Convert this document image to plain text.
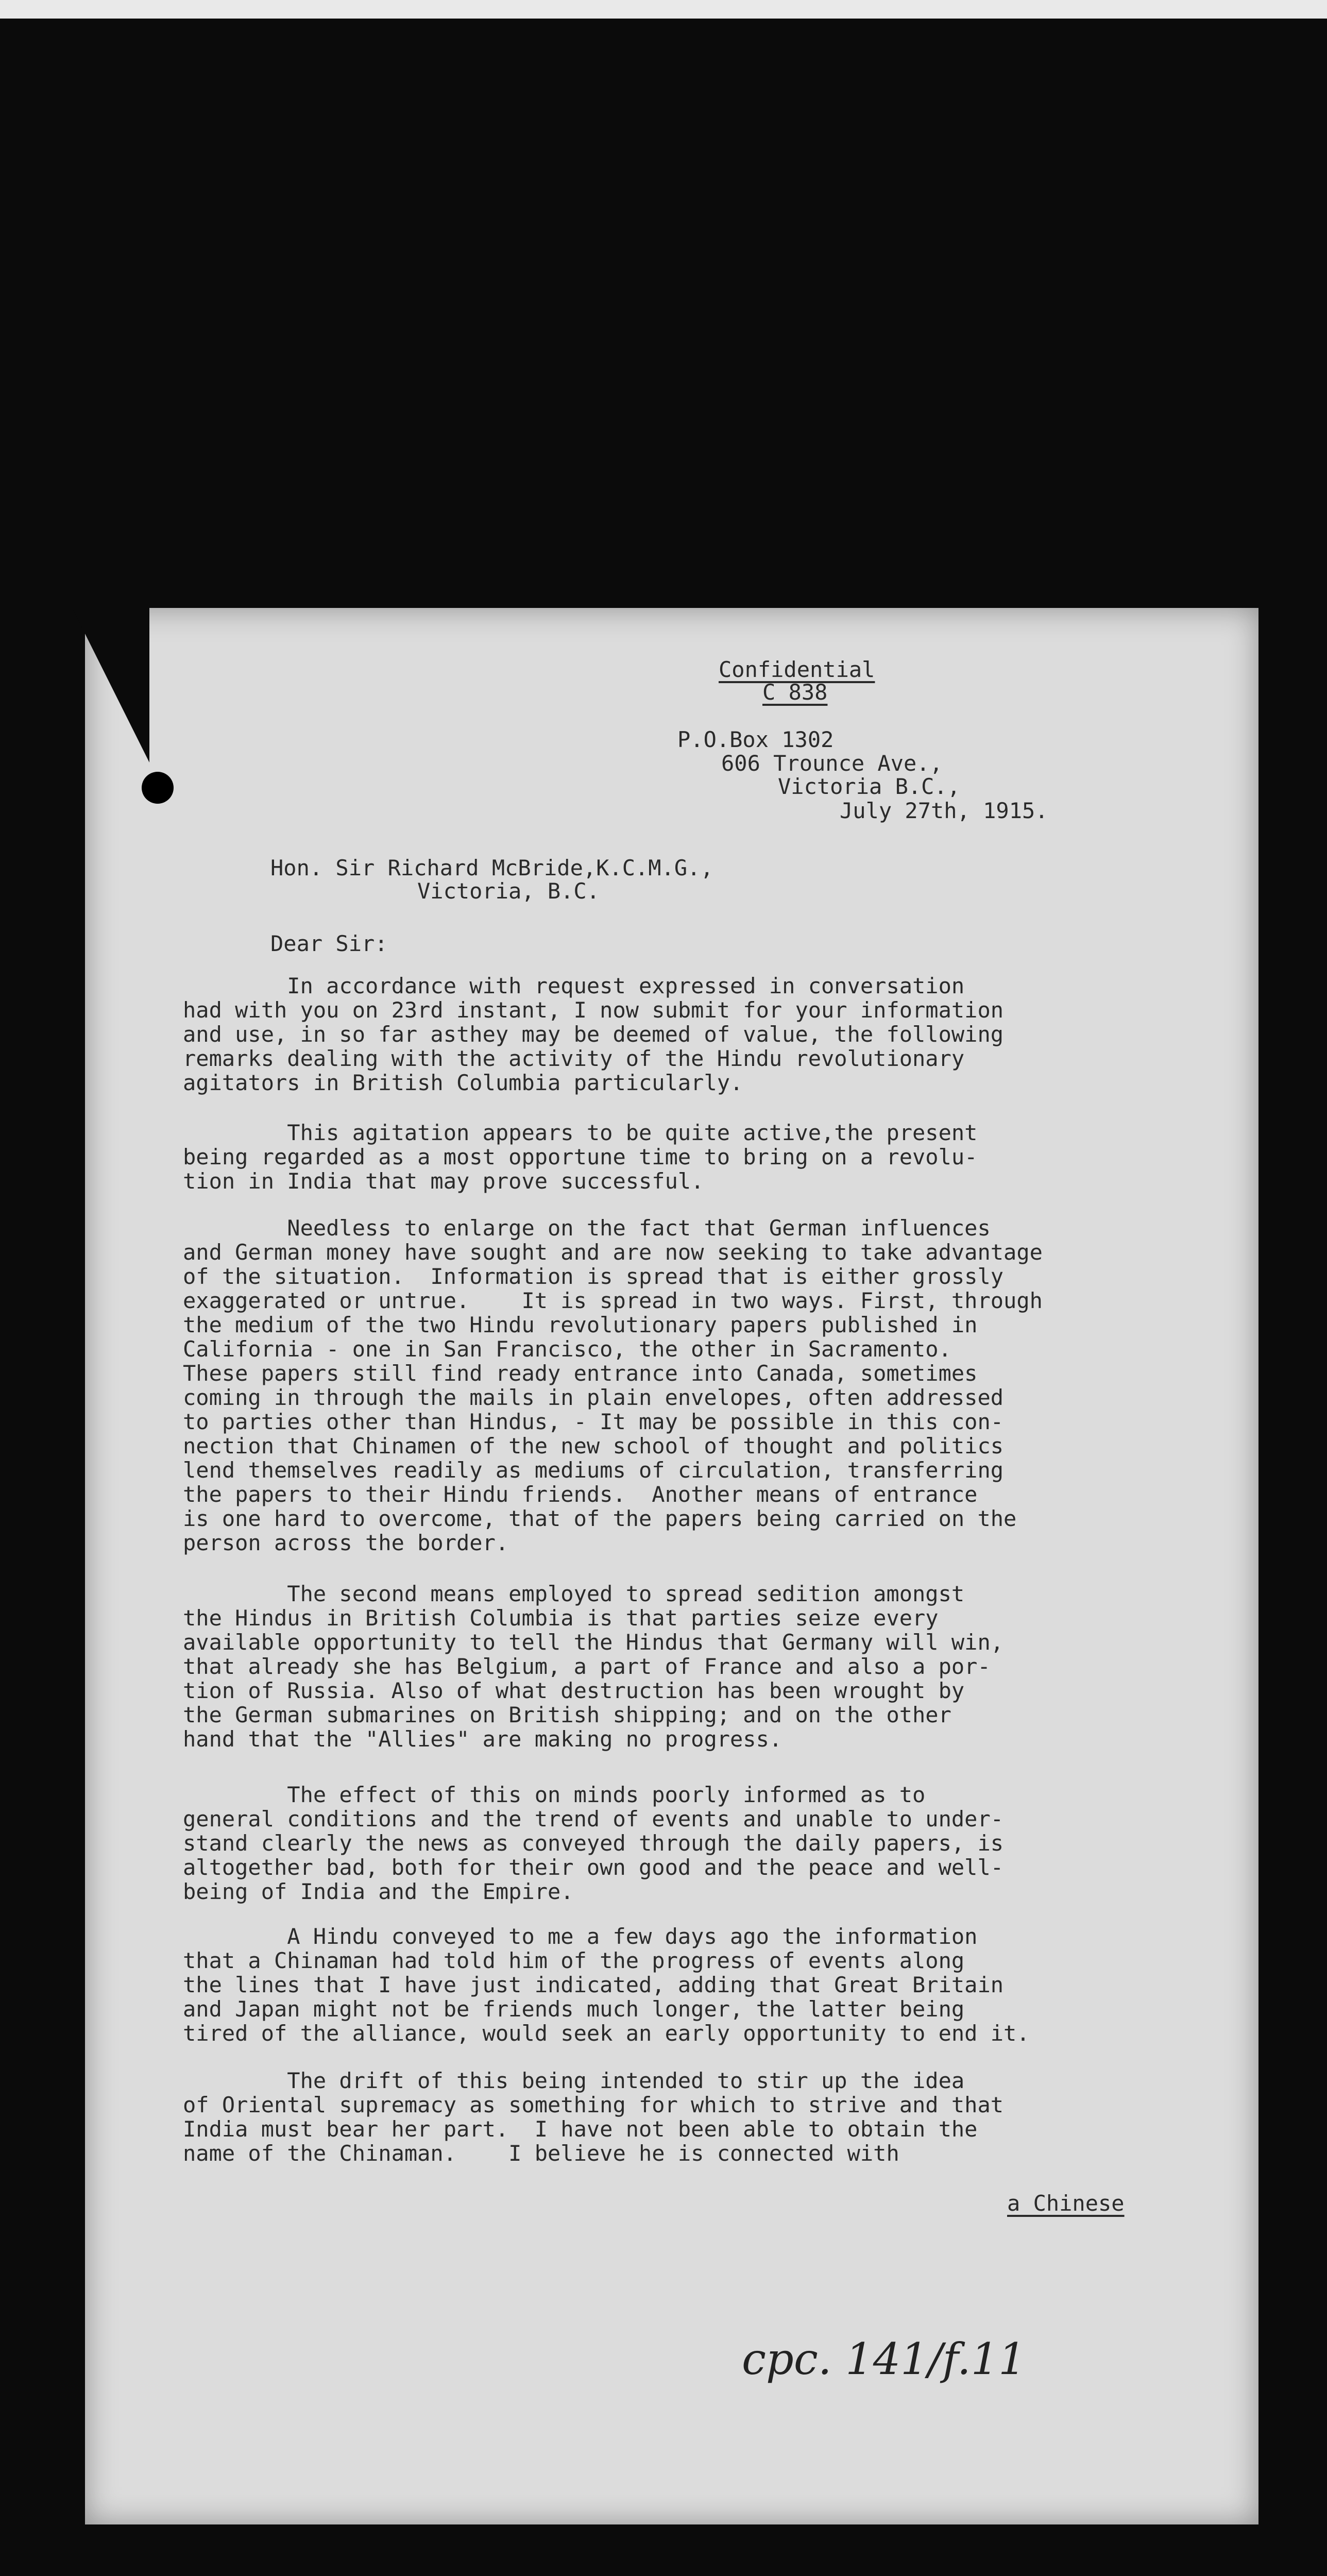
Confidential
C 838
P.O.Box 1302
606 Trounce Ave.,
Victoria B.C.,
July 27th, 1915.
Hon. Sir Richard McBride,K.C.M.G.,
Victoria, B.C.
Dear Sir:
In accordance with request expressed in conversation
had with you on 23rd instant, I now submit for your information
and use, in so far asthey may be deemed of value, the following
remarks dealing with the activity of the Hindu revolutionary
agitators in British Columbia particularly.
This agitation appears to be quite active,the present
being regarded as a most opportune time to bring on a revolu-
tion in India that may prove successful.
Needless to enlarge on the fact that German influences
and German money have sought and are now seeking to take advantage
of the situation.  Information is spread that is either grossly
exaggerated or untrue.    It is spread in two ways. First, through
the medium of the two Hindu revolutionary papers published in
California - one in San Francisco, the other in Sacramento.
These papers still find ready entrance into Canada, sometimes
coming in through the mails in plain envelopes, often addressed
to parties other than Hindus, - It may be possible in this con-
nection that Chinamen of the new school of thought and politics
lend themselves readily as mediums of circulation, transferring
the papers to their Hindu friends.  Another means of entrance
is one hard to overcome, that of the papers being carried on the
person across the border.
The second means employed to spread sedition amongst
the Hindus in British Columbia is that parties seize every
available opportunity to tell the Hindus that Germany will win,
that already she has Belgium, a part of France and also a por-
tion of Russia. Also of what destruction has been wrought by
the German submarines on British shipping; and on the other
hand that the "Allies" are making no progress.
The effect of this on minds poorly informed as to
general conditions and the trend of events and unable to under-
stand clearly the news as conveyed through the daily papers, is
altogether bad, both for their own good and the peace and well-
being of India and the Empire.
A Hindu conveyed to me a few days ago the information
that a Chinaman had told him of the progress of events along
the lines that I have just indicated, adding that Great Britain
and Japan might not be friends much longer, the latter being
tired of the alliance, would seek an early opportunity to end it.
The drift of this being intended to stir up the idea
of Oriental supremacy as something for which to strive and that
India must bear her part.  I have not been able to obtain the
name of the Chinaman.    I believe he is connected with
a Chinese
cpc. 141/f.11
